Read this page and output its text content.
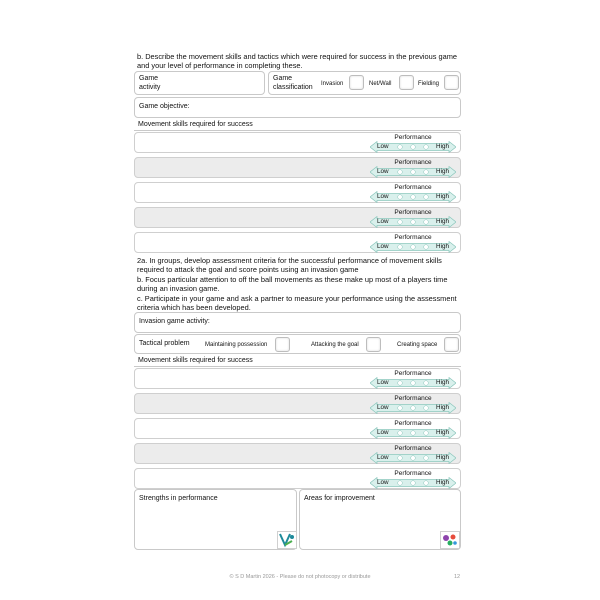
b. Describe the movement skills and tactics which were required for success in the previous game and your level of performance in completing these.

Game activity
Game classification	Invasion	Net/Wall	Fielding
Game objective:
Movement skills required for success
Performance
Low	High
Performance
Low	High
Performance
Low	High
Performance
Low	High
Performance
Low	High
2a. In groups, develop assessment criteria for the successful performance of movement skills required to attack the goal and score points using an invasion game
b. Focus particular attention to off the ball movements as these make up most of a players time during an invasion game.
c. Participate in your game and ask a partner to measure your performance using the assessment criteria which has been developed.
Invasion game activity:
Tactical problem	Maintaining possession	Attacking the goal	Creating space
Movement skills required for success
Performance
Low	High
Performance
Low	High
Performance
Low	High
Performance
Low	High
Performance
Low	High
Strengths in performance	Areas for improvement
© S D Martin 2026 - Please do not photocopy or distribute	12
